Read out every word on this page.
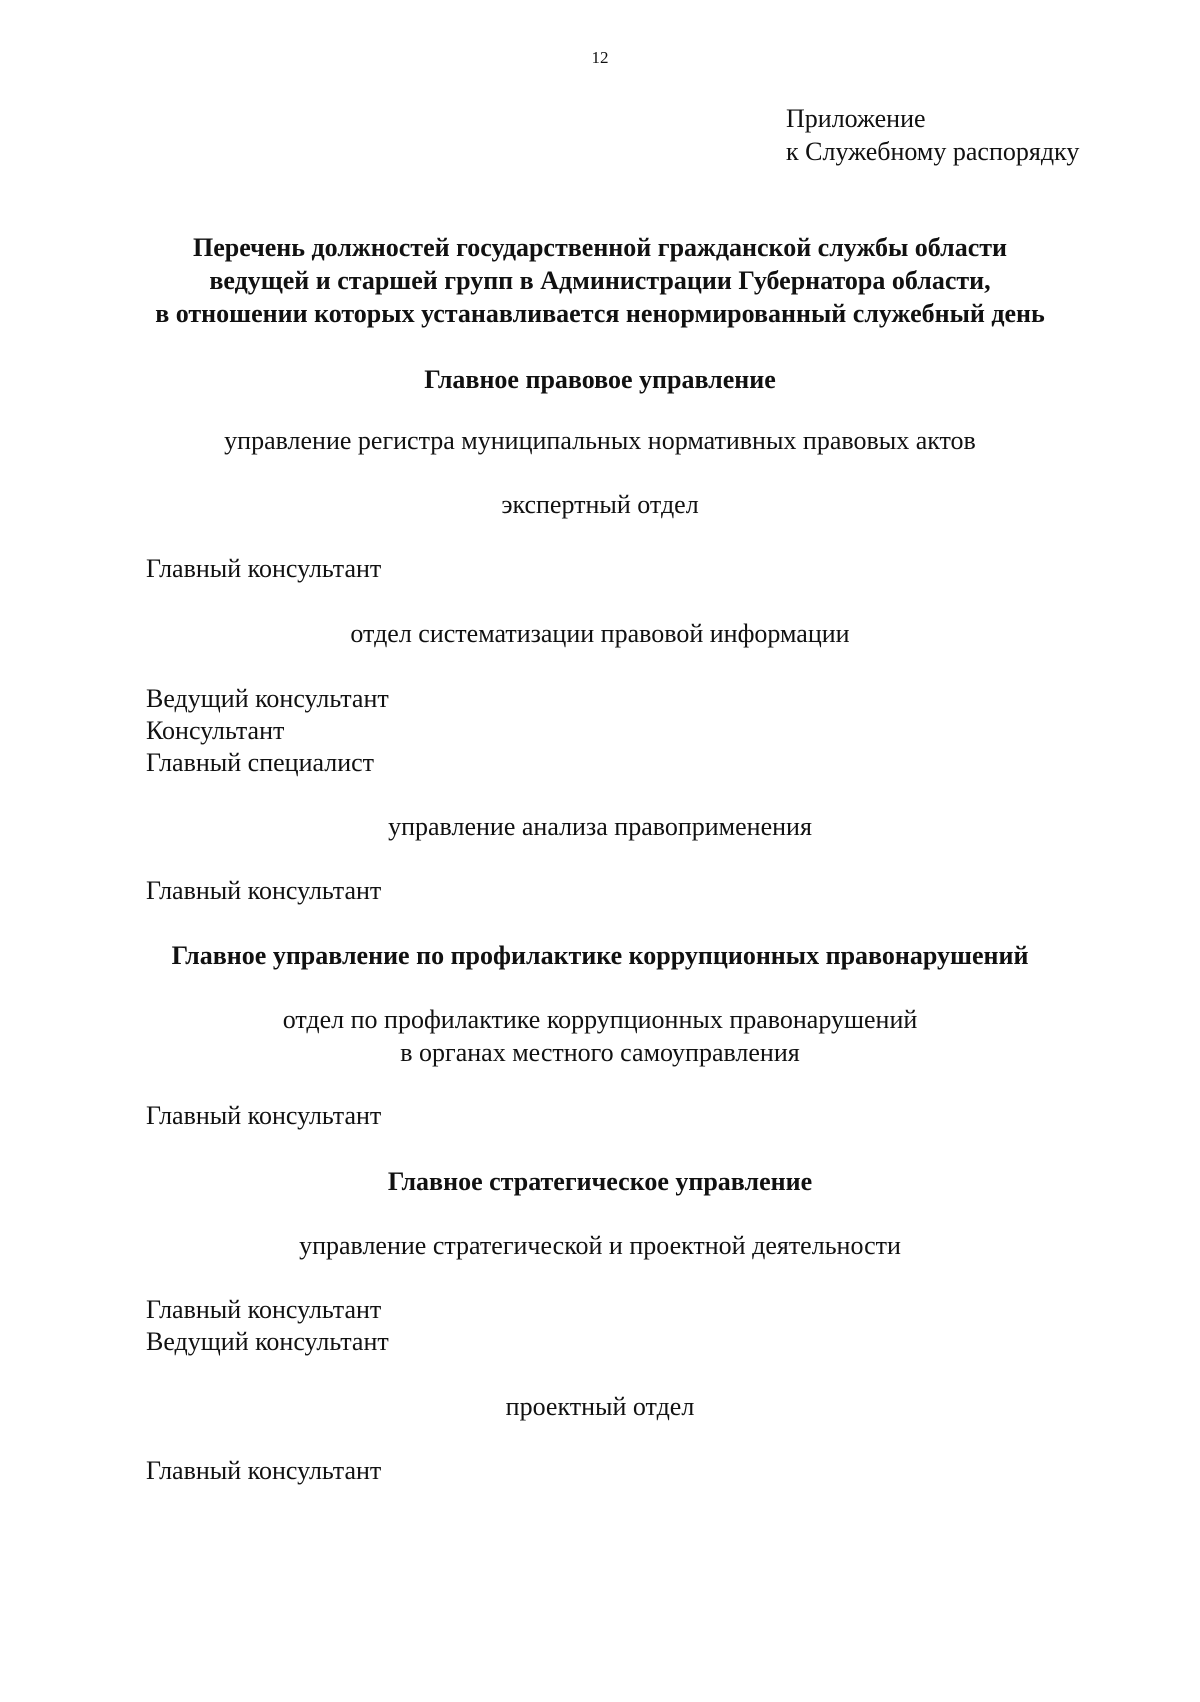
12
Приложение
к Служебному распорядку
Перечень должностей государственной гражданской службы области
ведущей и старшей групп в Администрации Губернатора области,
в отношении которых устанавливается ненормированный служебный день
Главное правовое управление
управление регистра муниципальных нормативных правовых актов
экспертный отдел
Главный консультант
отдел систематизации правовой информации
Ведущий консультант
Консультант
Главный специалист
управление анализа правоприменения
Главный консультант
Главное управление по профилактике коррупционных правонарушений
отдел по профилактике коррупционных правонарушений
в органах местного самоуправления
Главный консультант
Главное стратегическое управление
управление стратегической и проектной деятельности
Главный консультант
Ведущий консультант
проектный отдел
Главный консультант
